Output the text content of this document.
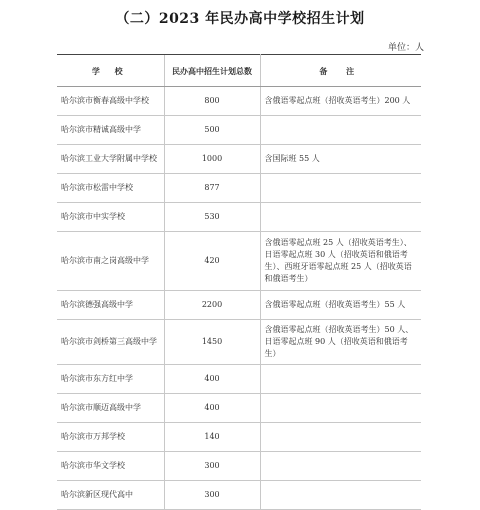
（二）2023 年民办高中学校招生计划
单位：人
学 校	民办高中招生计划总数	备 注
哈尔滨市衡春高级中学校	800	含俄语零起点班（招收英语考生）200 人
哈尔滨市精诚高级中学	500	
哈尔滨工业大学附属中学校	1000	含国际班 55 人
哈尔滨市松雷中学校	877	
哈尔滨市中实学校	530	
哈尔滨市南之岗高级中学	420	含俄语零起点班 25 人（招收英语考生）、日语零起点班 30 人（招收英语和俄语考生）、西班牙语零起点班 25 人（招收英语和俄语考生）
哈尔滨德强高级中学	2200	含俄语零起点班（招收英语考生）55 人
哈尔滨市剑桥第三高级中学	1450	含俄语零起点班（招收英语考生）50 人、日语零起点班 90 人（招收英语和俄语考生）
哈尔滨市东方红中学	400	
哈尔滨市顺迈高级中学	400	
哈尔滨市万邦学校	140	
哈尔滨市华文学校	300	
哈尔滨新区现代高中	300	
